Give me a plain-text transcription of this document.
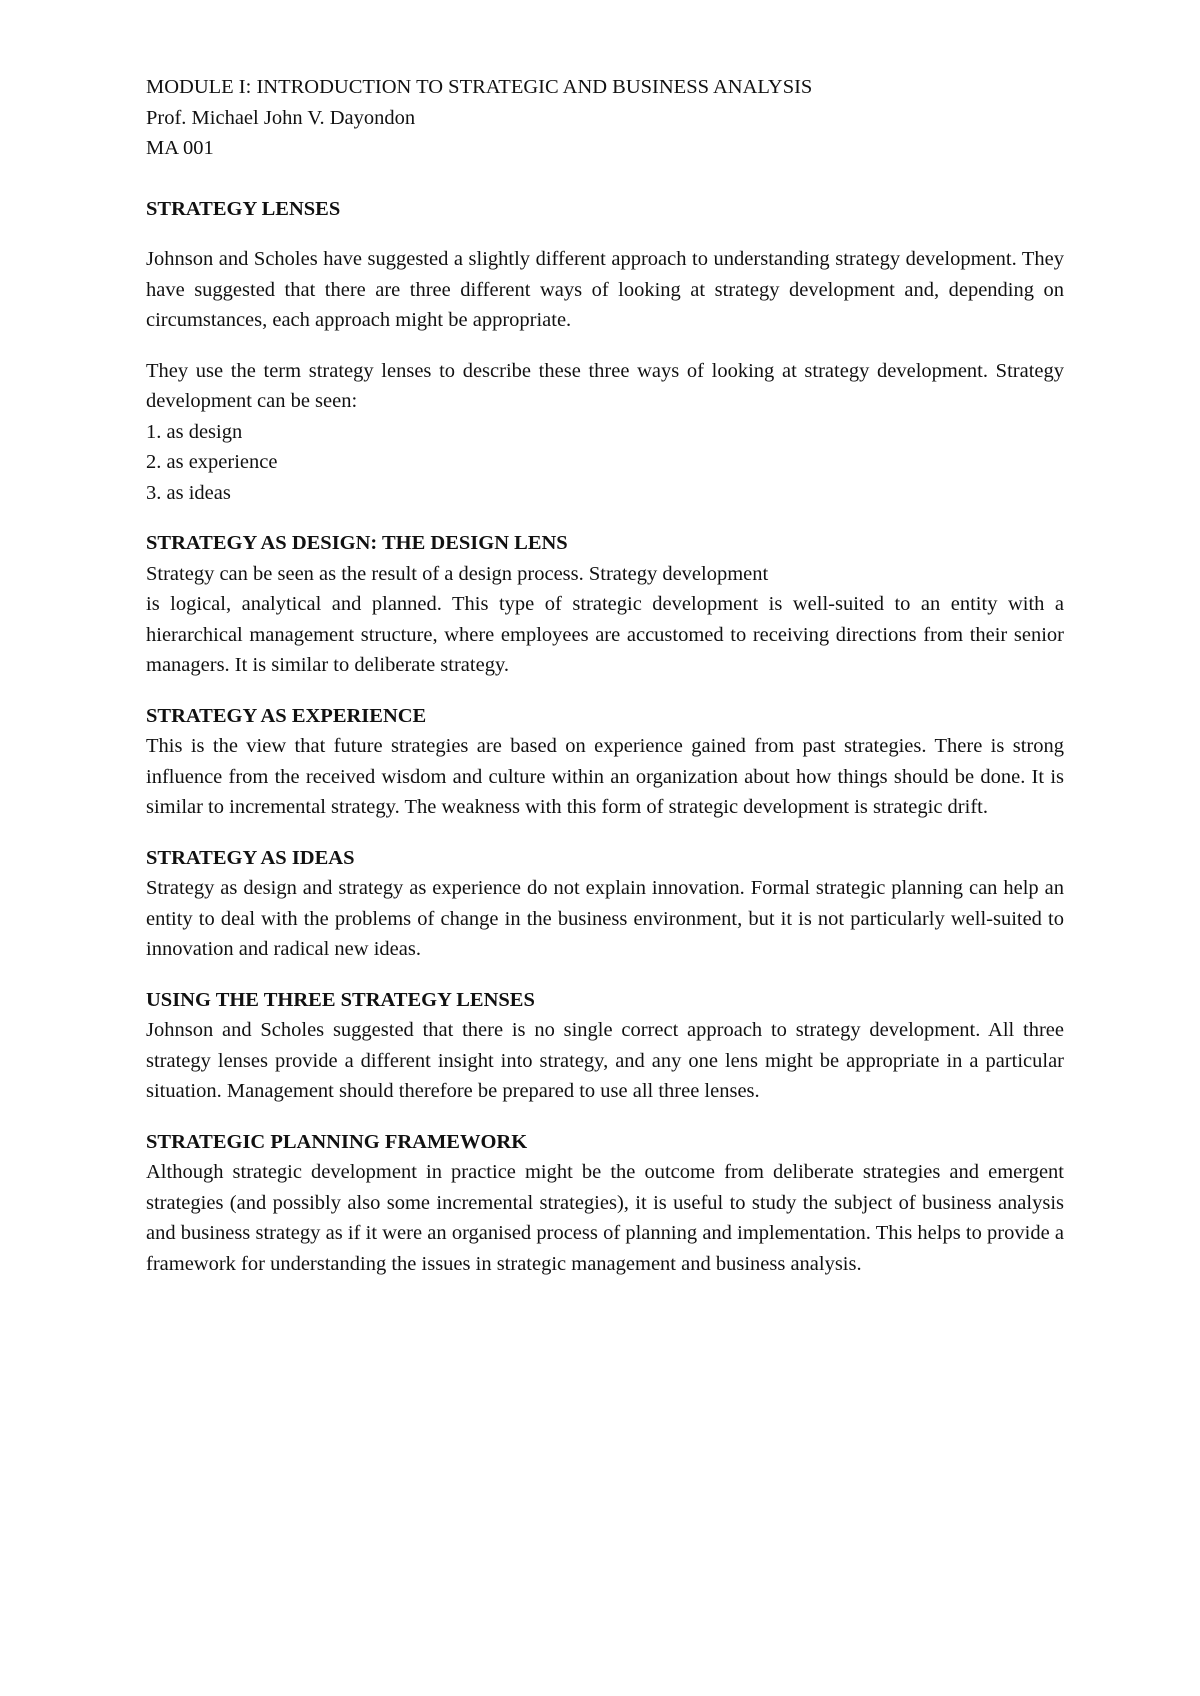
MODULE I: INTRODUCTION TO STRATEGIC AND BUSINESS ANALYSIS
Prof. Michael John V. Dayondon
MA 001

STRATEGY LENSES

Johnson and Scholes have suggested a slightly different approach to understanding strategy development. They have suggested that there are three different ways of looking at strategy development and, depending on circumstances, each approach might be appropriate.

They use the term strategy lenses to describe these three ways of looking at strategy development. Strategy development can be seen:

1. as design
2. as experience
3. as ideas

STRATEGY AS DESIGN: THE DESIGN LENS

Strategy can be seen as the result of a design process. Strategy development

is logical, analytical and planned. This type of strategic development is well-suited to an entity with a hierarchical management structure, where employees are accustomed to receiving directions from their senior managers. It is similar to deliberate strategy.

STRATEGY AS EXPERIENCE

This is the view that future strategies are based on experience gained from past strategies. There is strong influence from the received wisdom and culture within an organization about how things should be done. It is similar to incremental strategy. The weakness with this form of strategic development is strategic drift.

STRATEGY AS IDEAS

Strategy as design and strategy as experience do not explain innovation. Formal strategic planning can help an entity to deal with the problems of change in the business environment, but it is not particularly well-suited to innovation and radical new ideas.

USING THE THREE STRATEGY LENSES

Johnson and Scholes suggested that there is no single correct approach to strategy development. All three strategy lenses provide a different insight into strategy, and any one lens might be appropriate in a particular situation. Management should therefore be prepared to use all three lenses.

STRATEGIC PLANNING FRAMEWORK

Although strategic development in practice might be the outcome from deliberate strategies and emergent strategies (and possibly also some incremental strategies), it is useful to study the subject of business analysis and business strategy as if it were an organised process of planning and implementation. This helps to provide a framework for understanding the issues in strategic management and business analysis.
